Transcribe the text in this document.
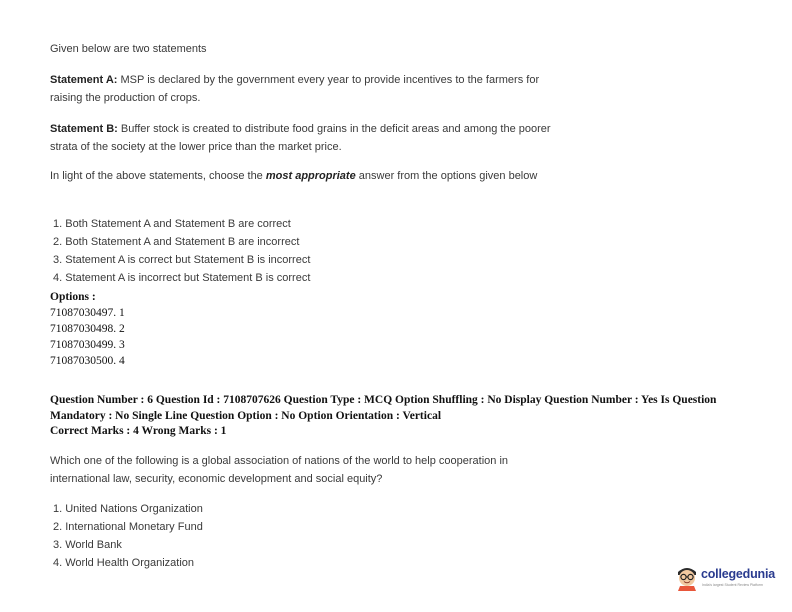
Given below are two statements
Statement A: MSP is declared by the government every year to provide incentives to the farmers for raising the production of crops.
Statement B: Buffer stock is created to distribute food grains in the deficit areas and among the poorer strata of the society at the lower price than the market price.
In light of the above statements, choose the most appropriate answer from the options given below
1. Both Statement A and Statement B are correct
2. Both Statement A and Statement B are incorrect
3. Statement A is correct but Statement B is incorrect
4. Statement A is incorrect but Statement B is correct
Options :
71087030497. 1
71087030498. 2
71087030499. 3
71087030500. 4
Question Number : 6 Question Id : 7108707626 Question Type : MCQ Option Shuffling : No Display Question Number : Yes Is Question Mandatory : No Single Line Question Option : No Option Orientation : Vertical
Correct Marks : 4 Wrong Marks : 1
Which one of the following is a global association of nations of the world to help cooperation in international law, security, economic development and social equity?
1. United Nations Organization
2. International Monetary Fund
3. World Bank
4. World Health Organization
collegedunia
India's largest Student Review Platform
